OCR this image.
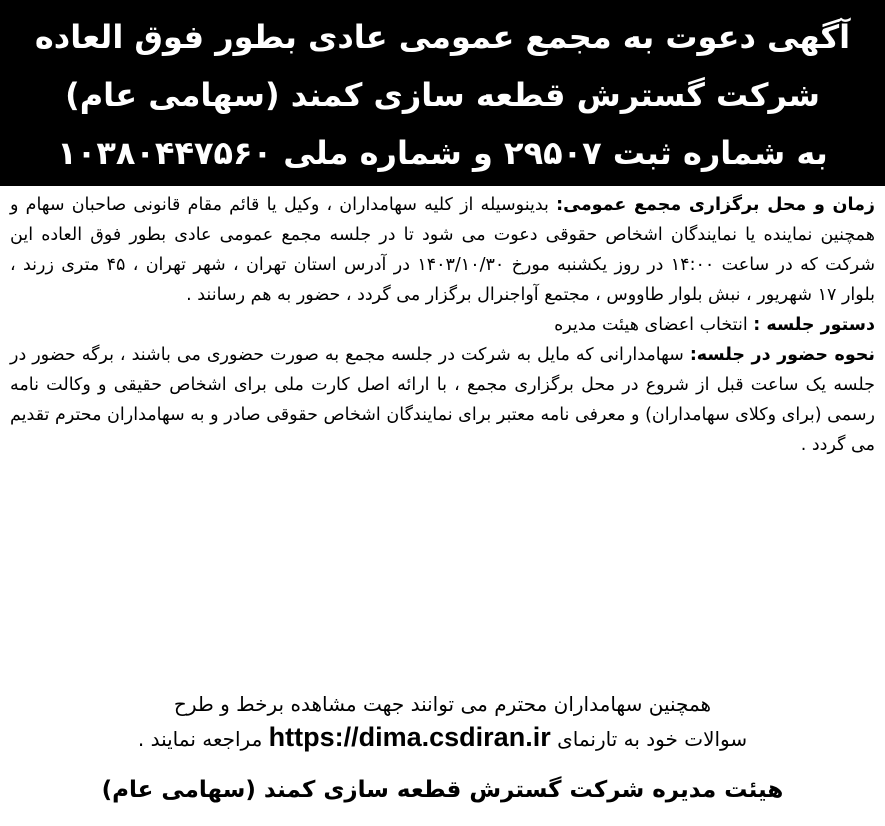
آگهی دعوت به مجمع عمومی عادی بطور فوق العاده
شرکت گسترش قطعه سازی کمند (سهامی عام)
به شماره ثبت ۲۹۵۰۷ و شماره ملی ۱۰۳۸۰۴۴۷۵۶۰

زمان و محل برگزاری مجمع عمومی: بدینوسیله از کلیه سهامداران ، وکیل یا قائم مقام قانونی صاحبان سهام و همچنین نماینده یا نمایندگان اشخاص حقوقی دعوت می شود تا در جلسه مجمع عمومی عادی بطور فوق العاده این شرکت که در ساعت ۱۴:۰۰ در روز یکشنبه مورخ ۱۴۰۳/۱۰/۳۰ در آدرس استان تهران ، شهر تهران ، ۴۵ متری زرند ، بلوار ۱۷ شهریور ، نبش بلوار طاووس ، مجتمع آواجنرال برگزار می گردد ، حضور به هم رسانند .

دستور جلسه : انتخاب اعضای هیئت مدیره

نحوه حضور در جلسه: سهامدارانی که مایل به شرکت در جلسه مجمع به صورت حضوری می باشند ، برگه حضور در جلسه یک ساعت قبل از شروع در محل برگزاری مجمع ، با ارائه اصل کارت ملی برای اشخاص حقیقی و وکالت نامه رسمی (برای وکلای سهامداران) و معرفی نامه معتبر برای نمایندگان اشخاص حقوقی صادر و به سهامداران محترم تقدیم می گردد .

همچنین سهامداران محترم می توانند جهت مشاهده برخط و طرح

سوالات خود به تارنمای https://dima.csdiran.ir مراجعه نمایند .

هیئت مدیره شرکت گسترش قطعه سازی کمند (سهامی عام)
